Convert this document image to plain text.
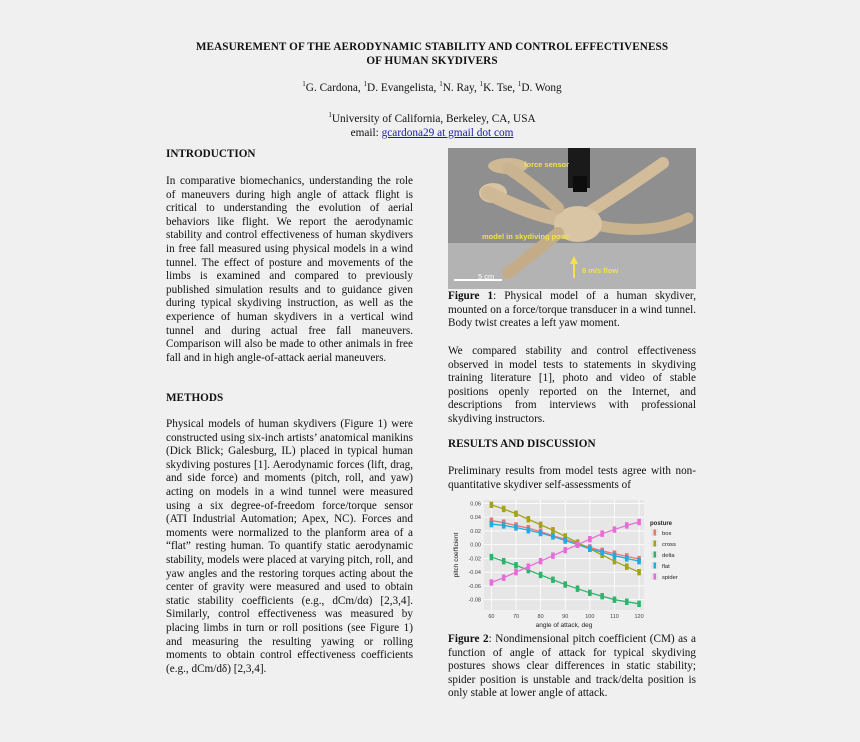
MEASUREMENT OF THE AERODYNAMIC STABILITY AND CONTROL EFFECTIVENESS
OF HUMAN SKYDIVERS
$^1$G. Cardona, $^1$D. Evangelista, $^1$N. Ray, $^1$K. Tse, $^1$D. Wong
$^1$University of California, Berkeley, CA, USA
email: gcardona29 at gmail dot com
INTRODUCTION
In comparative biomechanics, understanding the role of maneuvers during high angle of attack flight is critical to understanding the evolution of aerial behaviors like flight. We report the aerodynamic stability and control effectiveness of human skydivers in free fall measured using physical models in a wind tunnel. The effect of posture and movements of the limbs is examined and compared to previously published simulation results and to guidance given during typical skydiving instruction, as well as the experience of human skydivers in a vertical wind tunnel and during actual free fall maneuvers. Comparison will also be made to other animals in free fall and in high angle-of-attack aerial maneuvers.
METHODS
Physical models of human skydivers (Figure 1) were constructed using six-inch artists’ anatomical manikins (Dick Blick; Galesburg, IL) placed in typical human skydiving postures [1]. Aerodynamic forces (lift, drag, and side force) and moments (pitch, roll, and yaw) acting on models in a wind tunnel were measured using a six degree-of-freedom force/torque sensor (ATI Industrial Automation; Apex, NC). Forces and moments were normalized to the planform area of a “flat” resting human. To quantify static aerodynamic stability, models were placed at varying pitch, roll, and yaw angles and the restoring torques acting about the center of gravity were measured and used to obtain static stability coefficients (e.g., dCm/dα) [2,3,4]. Similarly, control effectiveness was measured by placing limbs in turn or roll positions (see Figure 1) and measuring the resulting yawing or rolling moments to obtain control effectiveness coefficients (e.g., dCm/dδ) [2,3,4].
force sensor
model in skydiving pose
5 cm
6 m/s flow
Figure 1: Physical model of a human skydiver, mounted on a force/torque transducer in a wind tunnel. Body twist creates a left yaw moment.
We compared stability and control effectiveness observed in model tests to statements in skydiving training literature [1], photo and video of stable positions openly reported on the Internet, and descriptions from interviews with professional skydiving instructors.
RESULTS AND DISCUSSION
Preliminary results from model tests agree with non-quantitative skydiver self-assessments of
60	70	80	90	100	110	120
0.06
0.04
0.02
0.00
-0.02
-0.04
-0.06
-0.08
angle of attack, deg
pitch coefficient
posture
box
cross
delta
flat
spider
Figure 2: Nondimensional pitch coefficient (CM) as a function of angle of attack for typical skydiving postures shows clear differences in static stability; spider position is unstable and track/delta position is only stable at lower angle of attack.
